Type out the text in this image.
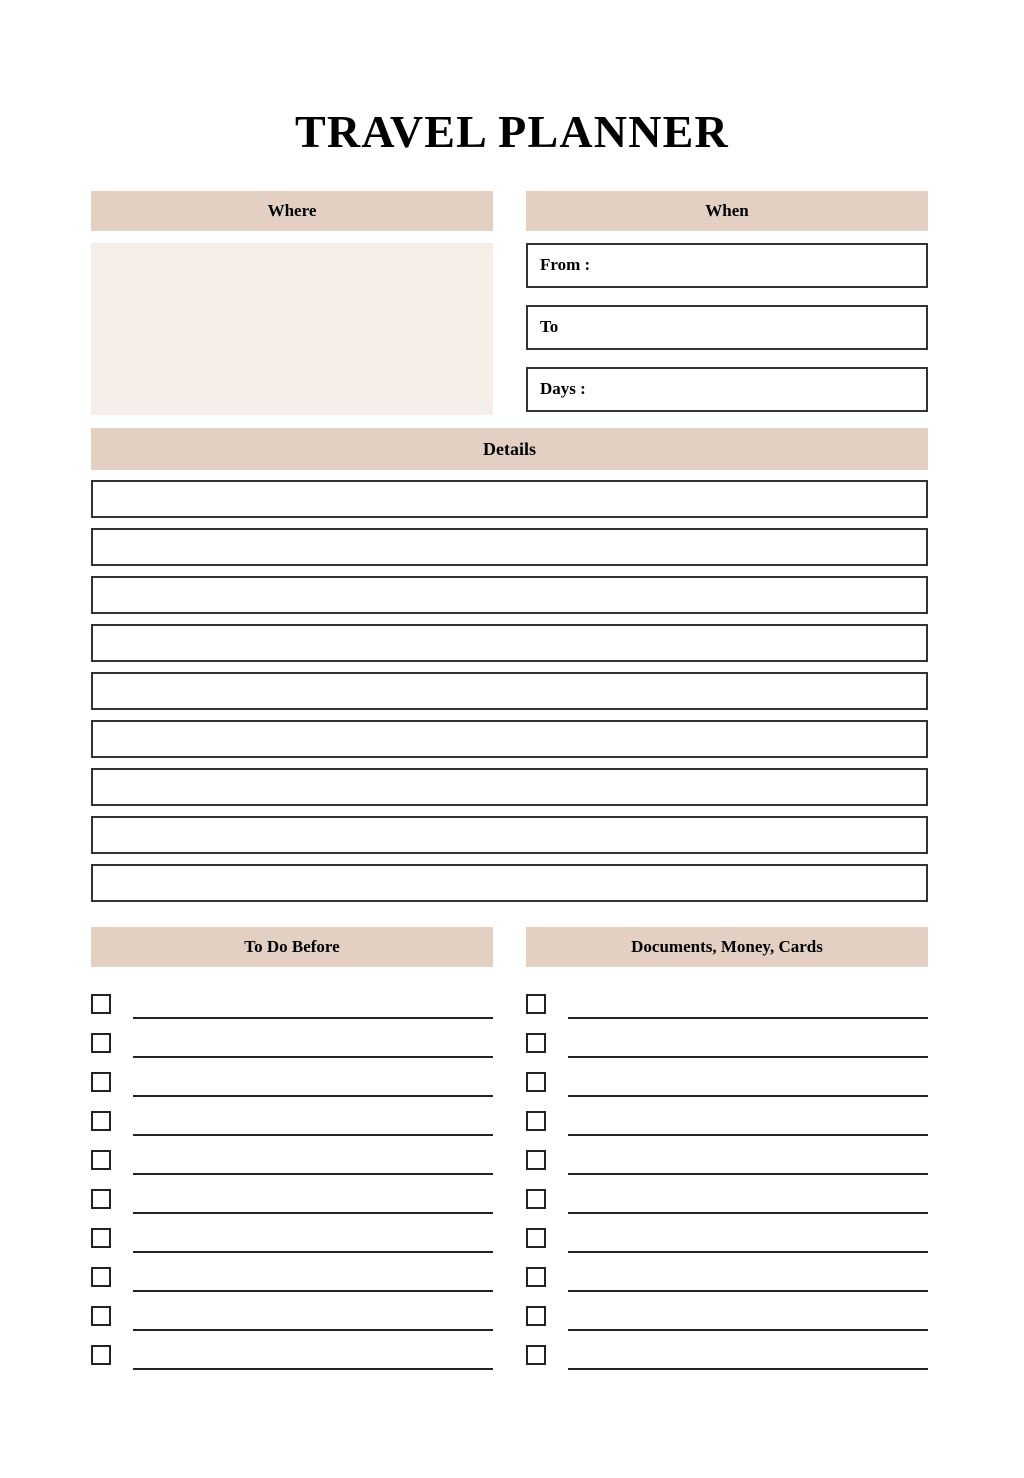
TRAVEL PLANNER
Where	When
From :
To
Days :
Details
To Do Before	Documents, Money, Cards
